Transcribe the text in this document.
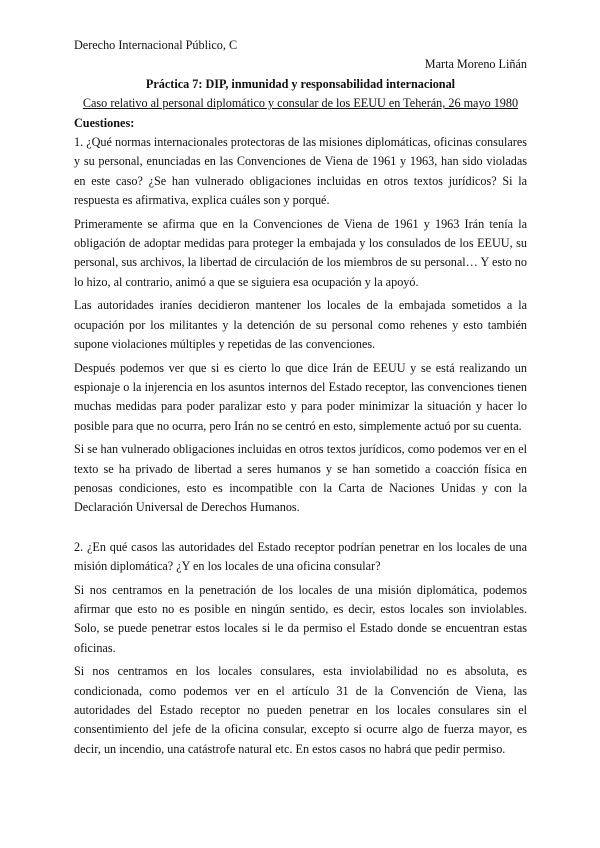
Derecho Internacional Público, C
Marta Moreno Liñán
Práctica 7: DIP, inmunidad y responsabilidad internacional
Caso relativo al personal diplomático y consular de los EEUU en Teherán, 26 mayo 1980
Cuestiones:

1. ¿Qué normas internacionales protectoras de las misiones diplomáticas, oficinas consulares y su personal, enunciadas en las Convenciones de Viena de 1961 y 1963, han sido violadas en este caso? ¿Se han vulnerado obligaciones incluidas en otros textos jurídicos? Si la respuesta es afirmativa, explica cuáles son y porqué.

Primeramente se afirma que en la Convenciones de Viena de 1961 y 1963 Irán tenía la obligación de adoptar medidas para proteger la embajada y los consulados de los EEUU, su personal, sus archivos, la libertad de circulación de los miembros de su personal… Y esto no lo hizo, al contrario, animó a que se siguiera esa ocupación y la apoyó.

Las autoridades iraníes decidieron mantener los locales de la embajada sometidos a la ocupación por los militantes y la detención de su personal como rehenes y esto también supone violaciones múltiples y repetidas de las convenciones.

Después podemos ver que si es cierto lo que dice Irán de EEUU y se está realizando un espionaje o la injerencia en los asuntos internos del Estado receptor, las convenciones tienen muchas medidas para poder paralizar esto y para poder minimizar la situación y hacer lo posible para que no ocurra, pero Irán no se centró en esto, simplemente actuó por su cuenta.

Si se han vulnerado obligaciones incluidas en otros textos jurídicos, como podemos ver en el texto se ha privado de libertad a seres humanos y se han sometido a coacción física en penosas condiciones, esto es incompatible con la Carta de Naciones Unidas y con la Declaración Universal de Derechos Humanos.

2. ¿En qué casos las autoridades del Estado receptor podrían penetrar en los locales de una misión diplomática? ¿Y en los locales de una oficina consular?

Si nos centramos en la penetración de los locales de una misión diplomática, podemos afirmar que esto no es posible en ningún sentido, es decir, estos locales son inviolables. Solo, se puede penetrar estos locales si le da permiso el Estado donde se encuentran estas oficinas.

Si nos centramos en los locales consulares, esta inviolabilidad no es absoluta, es condicionada, como podemos ver en el artículo 31 de la Convención de Viena, las autoridades del Estado receptor no pueden penetrar en los locales consulares sin el consentimiento del jefe de la oficina consular, excepto si ocurre algo de fuerza mayor, es decir, un incendio, una catástrofe natural etc. En estos casos no habrá que pedir permiso.
